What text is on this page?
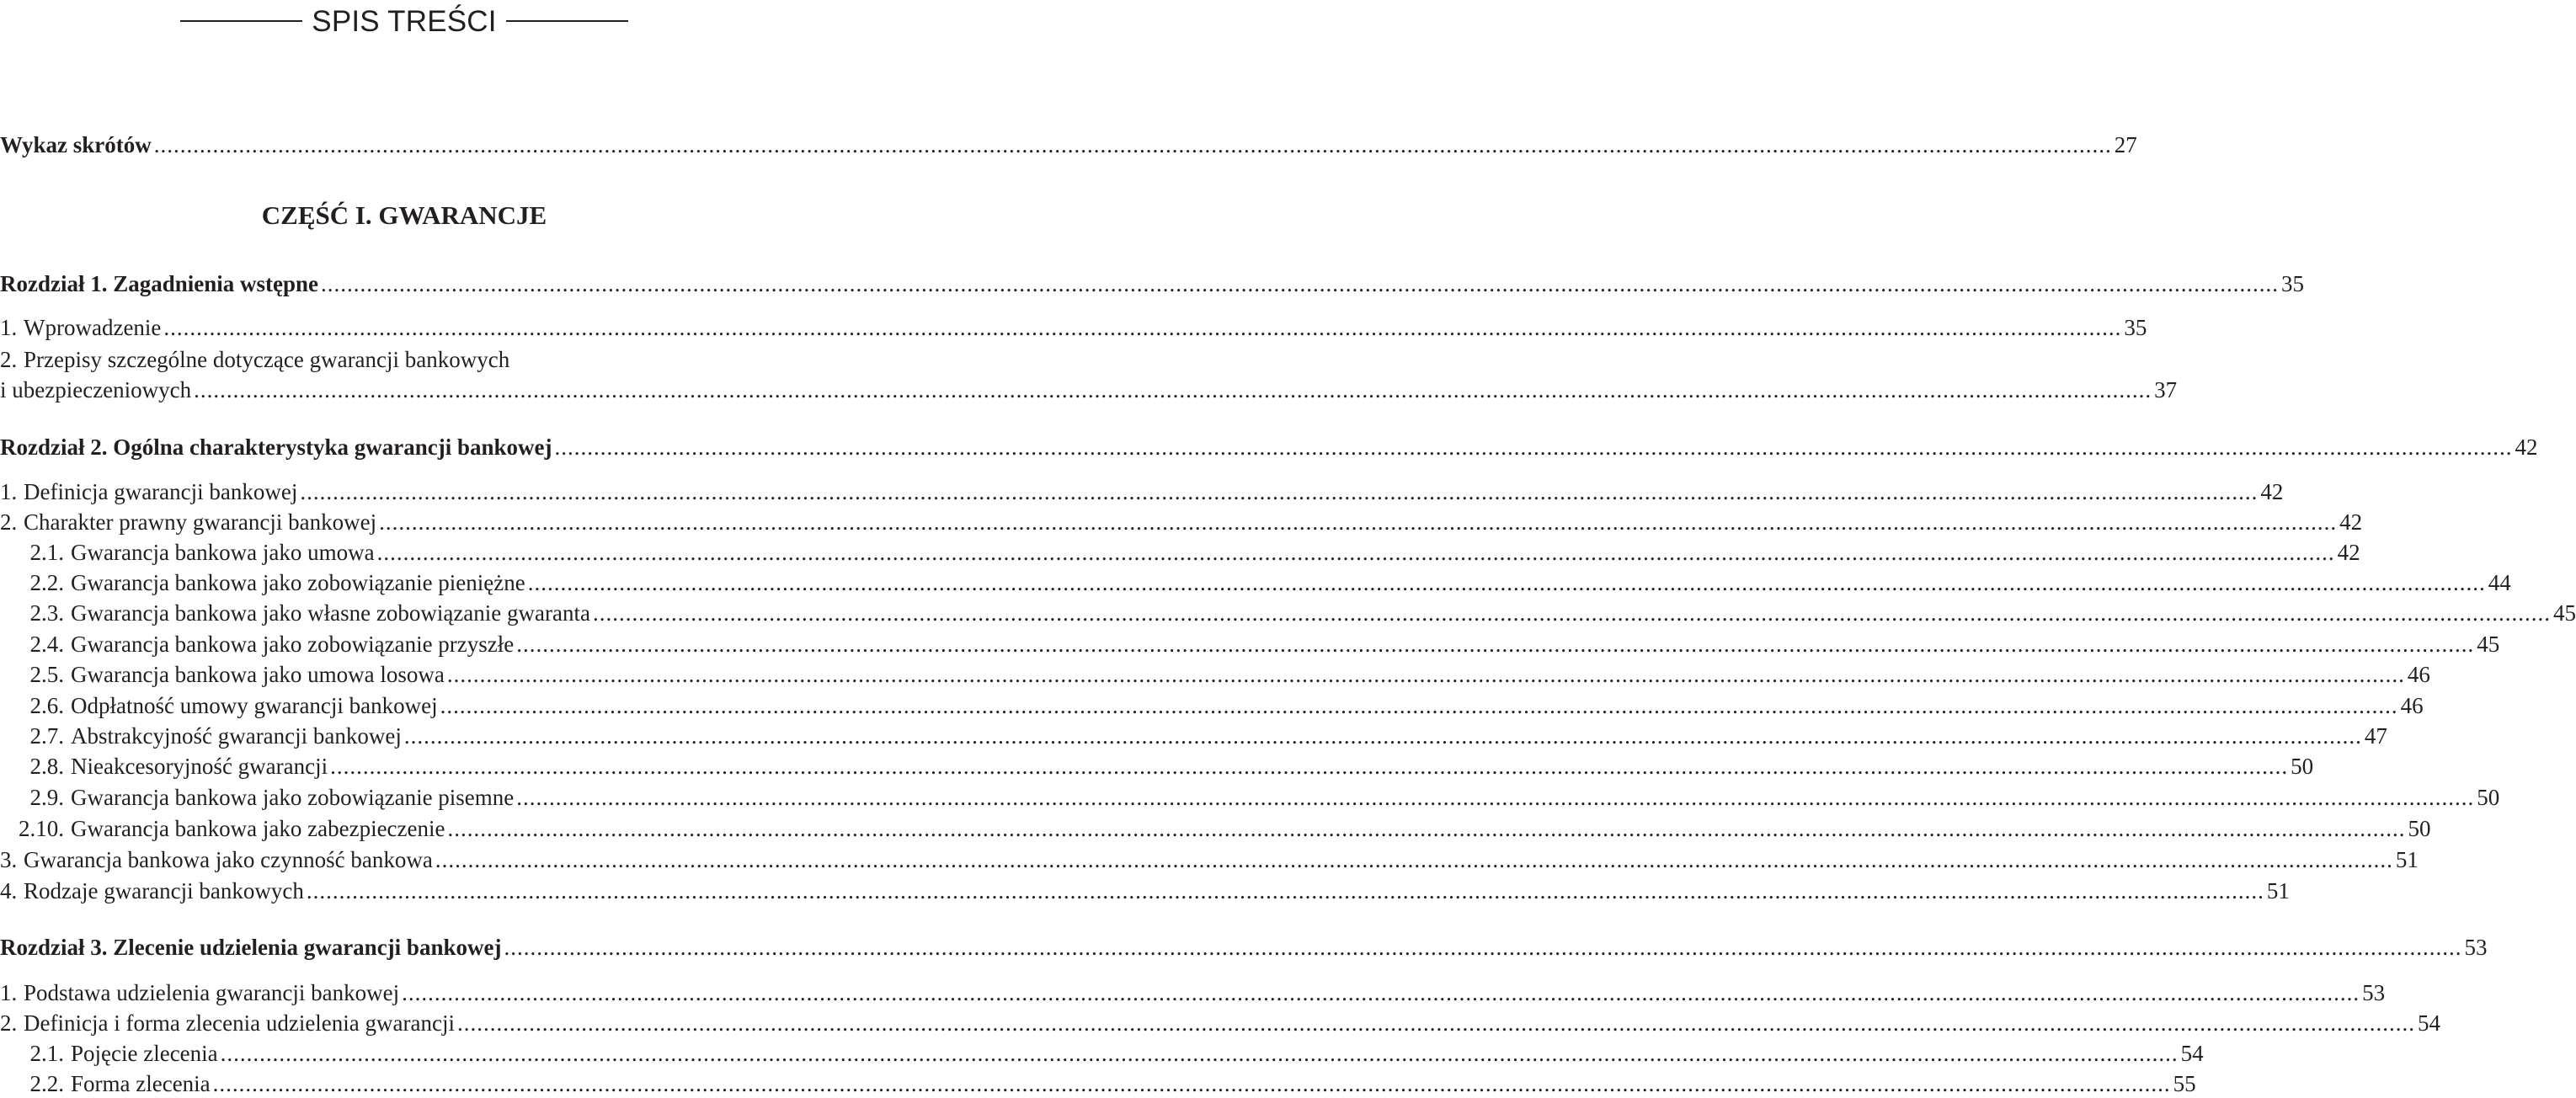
SPIS TREŚCI
CZĘŚĆ I. GWARANCJE
Wykaz skrótów ............................................................................................................................................................................................................................................................................................................ 27
Rozdział 1. Zagadnienia wstępne ............................................................................................................................................................................................................................................................................................................ 35
1. Wprowadzenie ............................................................................................................................................................................................................................................................................................................ 35
2. Przepisy szczególne dotyczące gwarancji bankowych
i ubezpieczeniowych ............................................................................................................................................................................................................................................................................................................ 37
Rozdział 2. Ogólna charakterystyka gwarancji bankowej ............................................................................................................................................................................................................................................................................................................ 42
1. Definicja gwarancji bankowej ............................................................................................................................................................................................................................................................................................................ 42
2. Charakter prawny gwarancji bankowej ............................................................................................................................................................................................................................................................................................................ 42
2.1. Gwarancja bankowa jako umowa ............................................................................................................................................................................................................................................................................................................ 42
2.2. Gwarancja bankowa jako zobowiązanie pieniężne ............................................................................................................................................................................................................................................................................................................ 44
2.3. Gwarancja bankowa jako własne zobowiązanie gwaranta ............................................................................................................................................................................................................................................................................................................ 45
2.4. Gwarancja bankowa jako zobowiązanie przyszłe ............................................................................................................................................................................................................................................................................................................ 45
2.5. Gwarancja bankowa jako umowa losowa ............................................................................................................................................................................................................................................................................................................ 46
2.6. Odpłatność umowy gwarancji bankowej ............................................................................................................................................................................................................................................................................................................ 46
2.7. Abstrakcyjność gwarancji bankowej ............................................................................................................................................................................................................................................................................................................ 47
2.8. Nieakcesoryjność gwarancji ............................................................................................................................................................................................................................................................................................................ 50
2.9. Gwarancja bankowa jako zobowiązanie pisemne ............................................................................................................................................................................................................................................................................................................ 50
2.10. Gwarancja bankowa jako zabezpieczenie ............................................................................................................................................................................................................................................................................................................ 50
3. Gwarancja bankowa jako czynność bankowa ............................................................................................................................................................................................................................................................................................................ 51
4. Rodzaje gwarancji bankowych ............................................................................................................................................................................................................................................................................................................ 51
Rozdział 3. Zlecenie udzielenia gwarancji bankowej ............................................................................................................................................................................................................................................................................................................ 53
1. Podstawa udzielenia gwarancji bankowej ............................................................................................................................................................................................................................................................................................................ 53
2. Definicja i forma zlecenia udzielenia gwarancji ............................................................................................................................................................................................................................................................................................................ 54
2.1. Pojęcie zlecenia ............................................................................................................................................................................................................................................................................................................ 54
2.2. Forma zlecenia ............................................................................................................................................................................................................................................................................................................ 55
